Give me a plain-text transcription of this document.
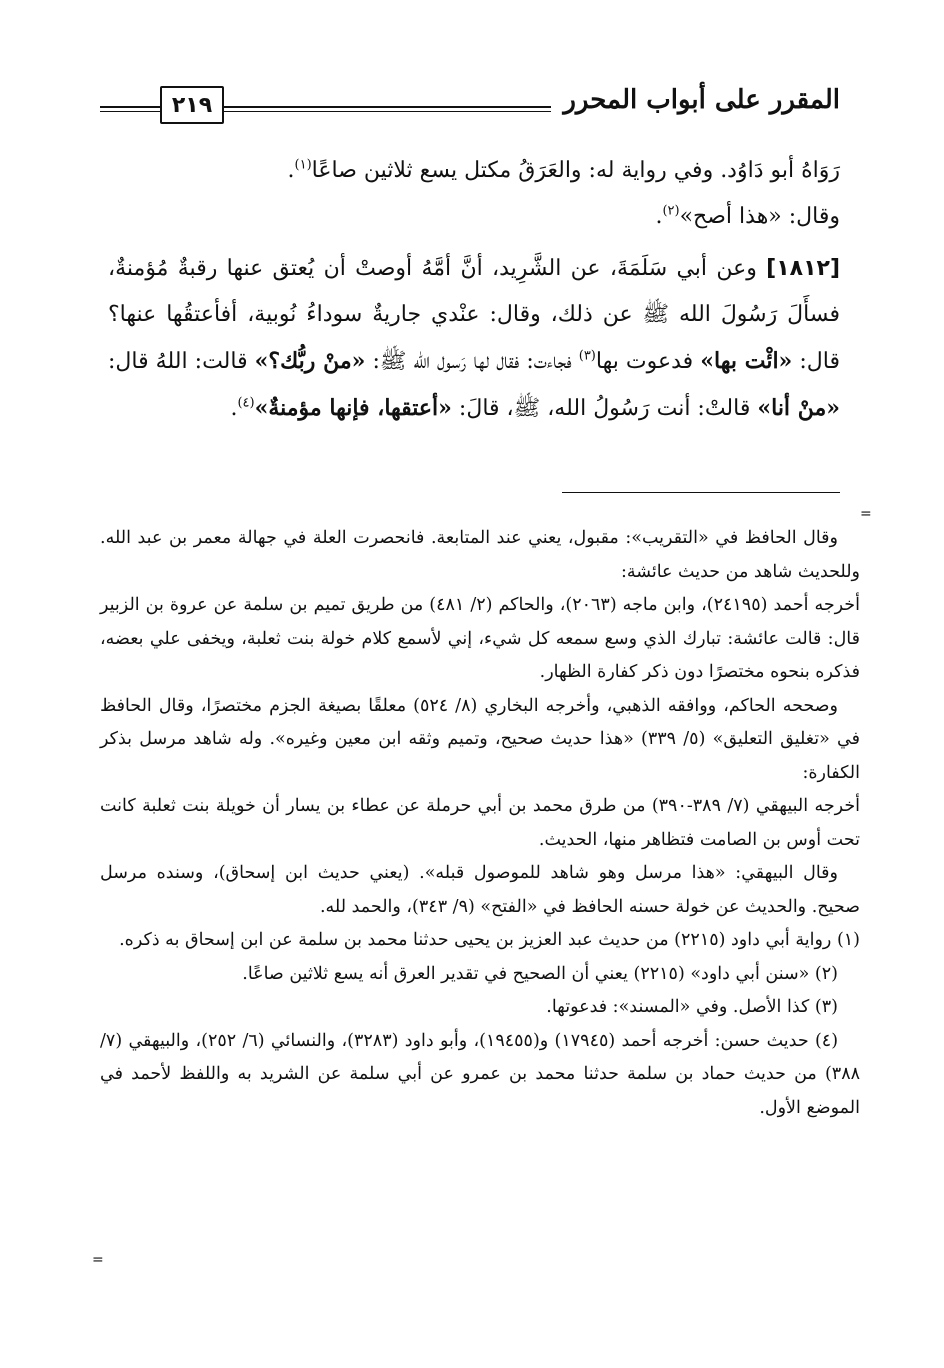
٢١٩	المقرر على أبواب المحرر

رَوَاهُ أبو دَاوُد. وفي رواية له: والعَرَقُ مكتل يسع ثلاثين صاعًا$^{(١)}$.

وقال: «هذا أصح»$^{(٢)}$.

[١٨١٢] وعن أبي سَلَمَةَ، عن الشَّرِيد، أنَّ أمَّهُ أوصتْ أن يُعتق عنها رقبةٌ مُؤمنةٌ، فسأَلَ رَسُولَ الله ﷺ عن ذلك، وقال: عنْدي جاريةٌ سوداءُ نُوبية، أفأعتقُها عنها؟ قال: «ائْت بها» فدعوت بها$^{(٣)}$ فجاءت: فقال لها رَسول الله ﷺ: «منْ ربُّك؟» قالت: اللهُ قال: «منْ أنا» قالتْ: أنت رَسُولُ الله، ﷺ، قالَ: «أعتقها، فإنها مؤمنةٌ»$^{(٤)}$.

=

وقال الحافظ في «التقريب»: مقبول، يعني عند المتابعة. فانحصرت العلة في جهالة معمر بن عبد الله. وللحديث شاهد من حديث عائشة:

أخرجه أحمد (٢٤١٩٥)، وابن ماجه (٢٠٦٣)، والحاكم (٢/ ٤٨١) من طريق تميم بن سلمة عن عروة بن الزبير قال: قالت عائشة: تبارك الذي وسع سمعه كل شيء، إني لأسمع كلام خولة بنت ثعلبة، ويخفى علي بعضه، فذكره بنحوه مختصرًا دون ذكر كفارة الظهار.

وصححه الحاكم، ووافقه الذهبي، وأخرجه البخاري (٨/ ٥٢٤) معلقًا بصيغة الجزم مختصرًا، وقال الحافظ في «تغليق التعليق» (٥/ ٣٣٩) «هذا حديث صحيح، وتميم وثقه ابن معين وغيره». وله شاهد مرسل بذكر الكفارة:

أخرجه البيهقي (٧/ ٣٨٩-٣٩٠) من طرق محمد بن أبي حرملة عن عطاء بن يسار أن خويلة بنت ثعلبة كانت تحت أوس بن الصامت فتظاهر منها، الحديث.

وقال البيهقي: «هذا مرسل وهو شاهد للموصول قبله». (يعني حديث ابن إسحاق)، وسنده مرسل صحيح. والحديث عن خولة حسنه الحافظ في «الفتح» (٩/ ٣٤٣)، والحمد لله.

(١) رواية أبي داود (٢٢١٥) من حديث عبد العزيز بن يحيى حدثنا محمد بن سلمة عن ابن إسحاق به ذكره.

(٢) «سنن أبي داود» (٢٢١٥) يعني أن الصحيح في تقدير العرق أنه يسع ثلاثين صاعًا.

(٣) كذا الأصل. وفي «المسند»: فدعوتها.

(٤) حديث حسن: أخرجه أحمد (١٧٩٤٥) و(١٩٤٥٥)، وأبو داود (٣٢٨٣)، والنسائي (٦/ ٢٥٢)، والبيهقي (٧/ ٣٨٨) من حديث حماد بن سلمة حدثنا محمد بن عمرو عن أبي سلمة عن الشريد به واللفظ لأحمد في الموضع الأول.

=
